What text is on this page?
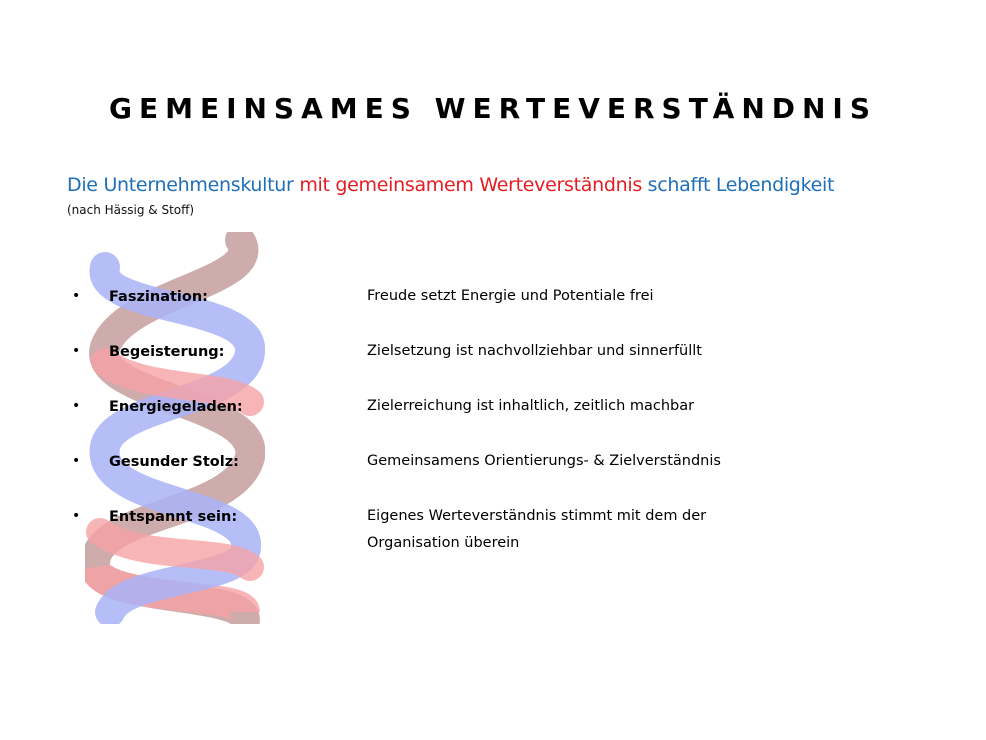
GEMEINSAMES WERTEVERSTÄNDNIS
Die Unternehmenskultur mit gemeinsamem Werteverständnis schafft Lebendigkeit
(nach Hässig & Stoff)
• Faszination:	Freude setzt Energie und Potentiale frei
• Begeisterung:	Zielsetzung ist nachvollziehbar und sinnerfüllt
• Energiegeladen:	Zielerreichung ist inhaltlich, zeitlich machbar
• Gesunder Stolz:	Gemeinsamens Orientierungs- & Zielverständnis
• Entspannt sein:	Eigenes Werteverständnis stimmt mit dem der Organisation überein
